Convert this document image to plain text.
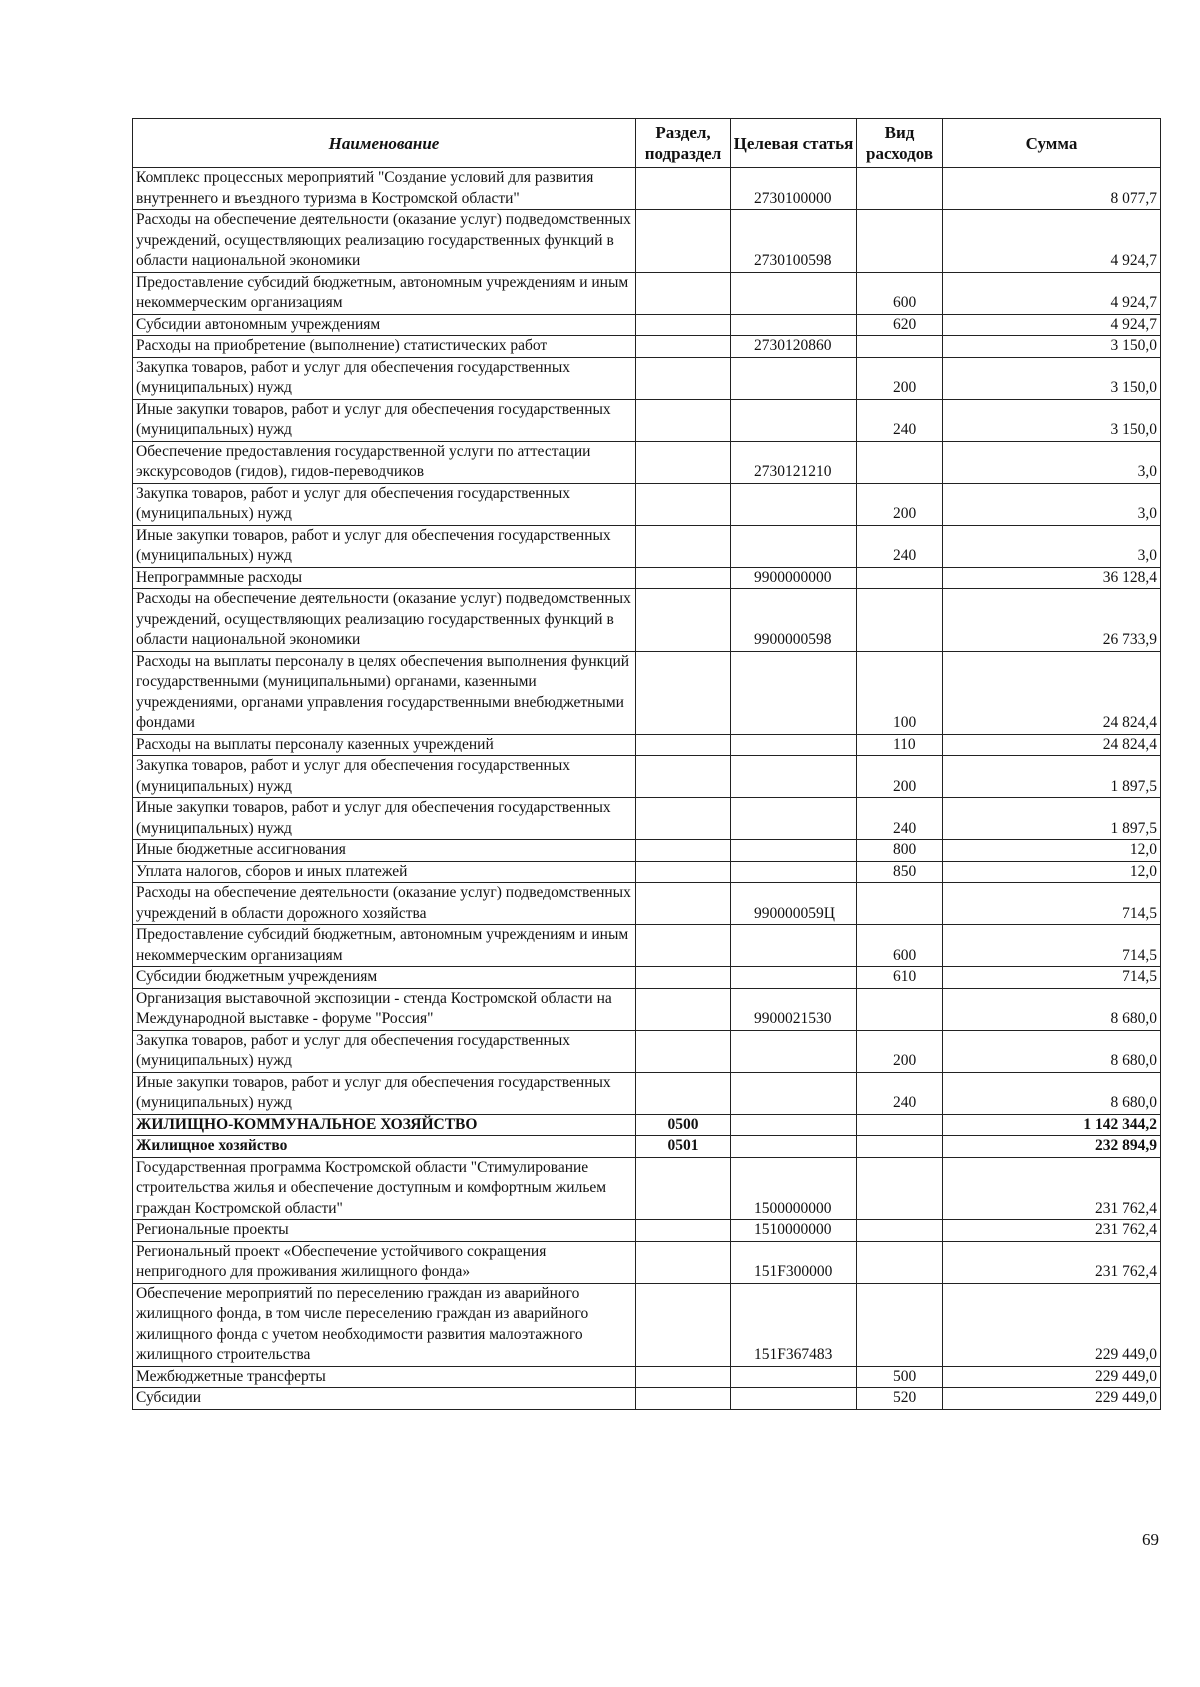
Наименование	Раздел, подраздел	Целевая статья	Вид расходов	Сумма
Комплекс процессных мероприятий "Создание условий для развития внутреннего и въездного туризма в Костромской области"		2730100000		8 077,7
Расходы на обеспечение деятельности (оказание услуг) подведомственных учреждений, осуществляющих реализацию государственных функций в области национальной экономики		2730100598		4 924,7
Предоставление субсидий бюджетным, автономным учреждениям и иным некоммерческим организациям			600	4 924,7
Субсидии автономным учреждениям			620	4 924,7
Расходы на приобретение (выполнение) статистических работ		2730120860		3 150,0
Закупка товаров, работ и услуг для обеспечения государственных (муниципальных) нужд			200	3 150,0
Иные закупки товаров, работ и услуг для обеспечения государственных (муниципальных) нужд			240	3 150,0
Обеспечение предоставления государственной услуги по аттестации экскурсоводов (гидов), гидов-переводчиков		2730121210		3,0
Закупка товаров, работ и услуг для обеспечения государственных (муниципальных) нужд			200	3,0
Иные закупки товаров, работ и услуг для обеспечения государственных (муниципальных) нужд			240	3,0
Непрограммные расходы		9900000000		36 128,4
Расходы на обеспечение деятельности (оказание услуг) подведомственных учреждений, осуществляющих реализацию государственных функций в области национальной экономики		9900000598		26 733,9
Расходы на выплаты персоналу в целях обеспечения выполнения функций государственными (муниципальными) органами, казенными учреждениями, органами управления государственными внебюджетными фондами			100	24 824,4
Расходы на выплаты персоналу казенных учреждений			110	24 824,4
Закупка товаров, работ и услуг для обеспечения государственных (муниципальных) нужд			200	1 897,5
Иные закупки товаров, работ и услуг для обеспечения государственных (муниципальных) нужд			240	1 897,5
Иные бюджетные ассигнования			800	12,0
Уплата налогов, сборов и иных платежей			850	12,0
Расходы на обеспечение деятельности (оказание услуг) подведомственных учреждений в области дорожного хозяйства		990000059Ц		714,5
Предоставление субсидий бюджетным, автономным учреждениям и иным некоммерческим организациям			600	714,5
Субсидии бюджетным учреждениям			610	714,5
Организация выставочной экспозиции - стенда Костромской области на Международной выставке - форуме "Россия"		9900021530		8 680,0
Закупка товаров, работ и услуг для обеспечения государственных (муниципальных) нужд			200	8 680,0
Иные закупки товаров, работ и услуг для обеспечения государственных (муниципальных) нужд			240	8 680,0
ЖИЛИЩНО-КОММУНАЛЬНОЕ ХОЗЯЙСТВО	0500			1 142 344,2
Жилищное хозяйство	0501			232 894,9
Государственная программа Костромской области "Стимулирование строительства жилья и обеспечение доступным и комфортным жильем граждан Костромской области"		1500000000		231 762,4
Региональные проекты		1510000000		231 762,4
Региональный проект «Обеспечение устойчивого сокращения непригодного для проживания жилищного фонда»		151F300000		231 762,4
Обеспечение мероприятий по переселению граждан из аварийного жилищного фонда, в том числе переселению граждан из аварийного жилищного фонда с учетом необходимости развития малоэтажного жилищного строительства		151F367483		229 449,0
Межбюджетные трансферты			500	229 449,0
Субсидии			520	229 449,0
69
